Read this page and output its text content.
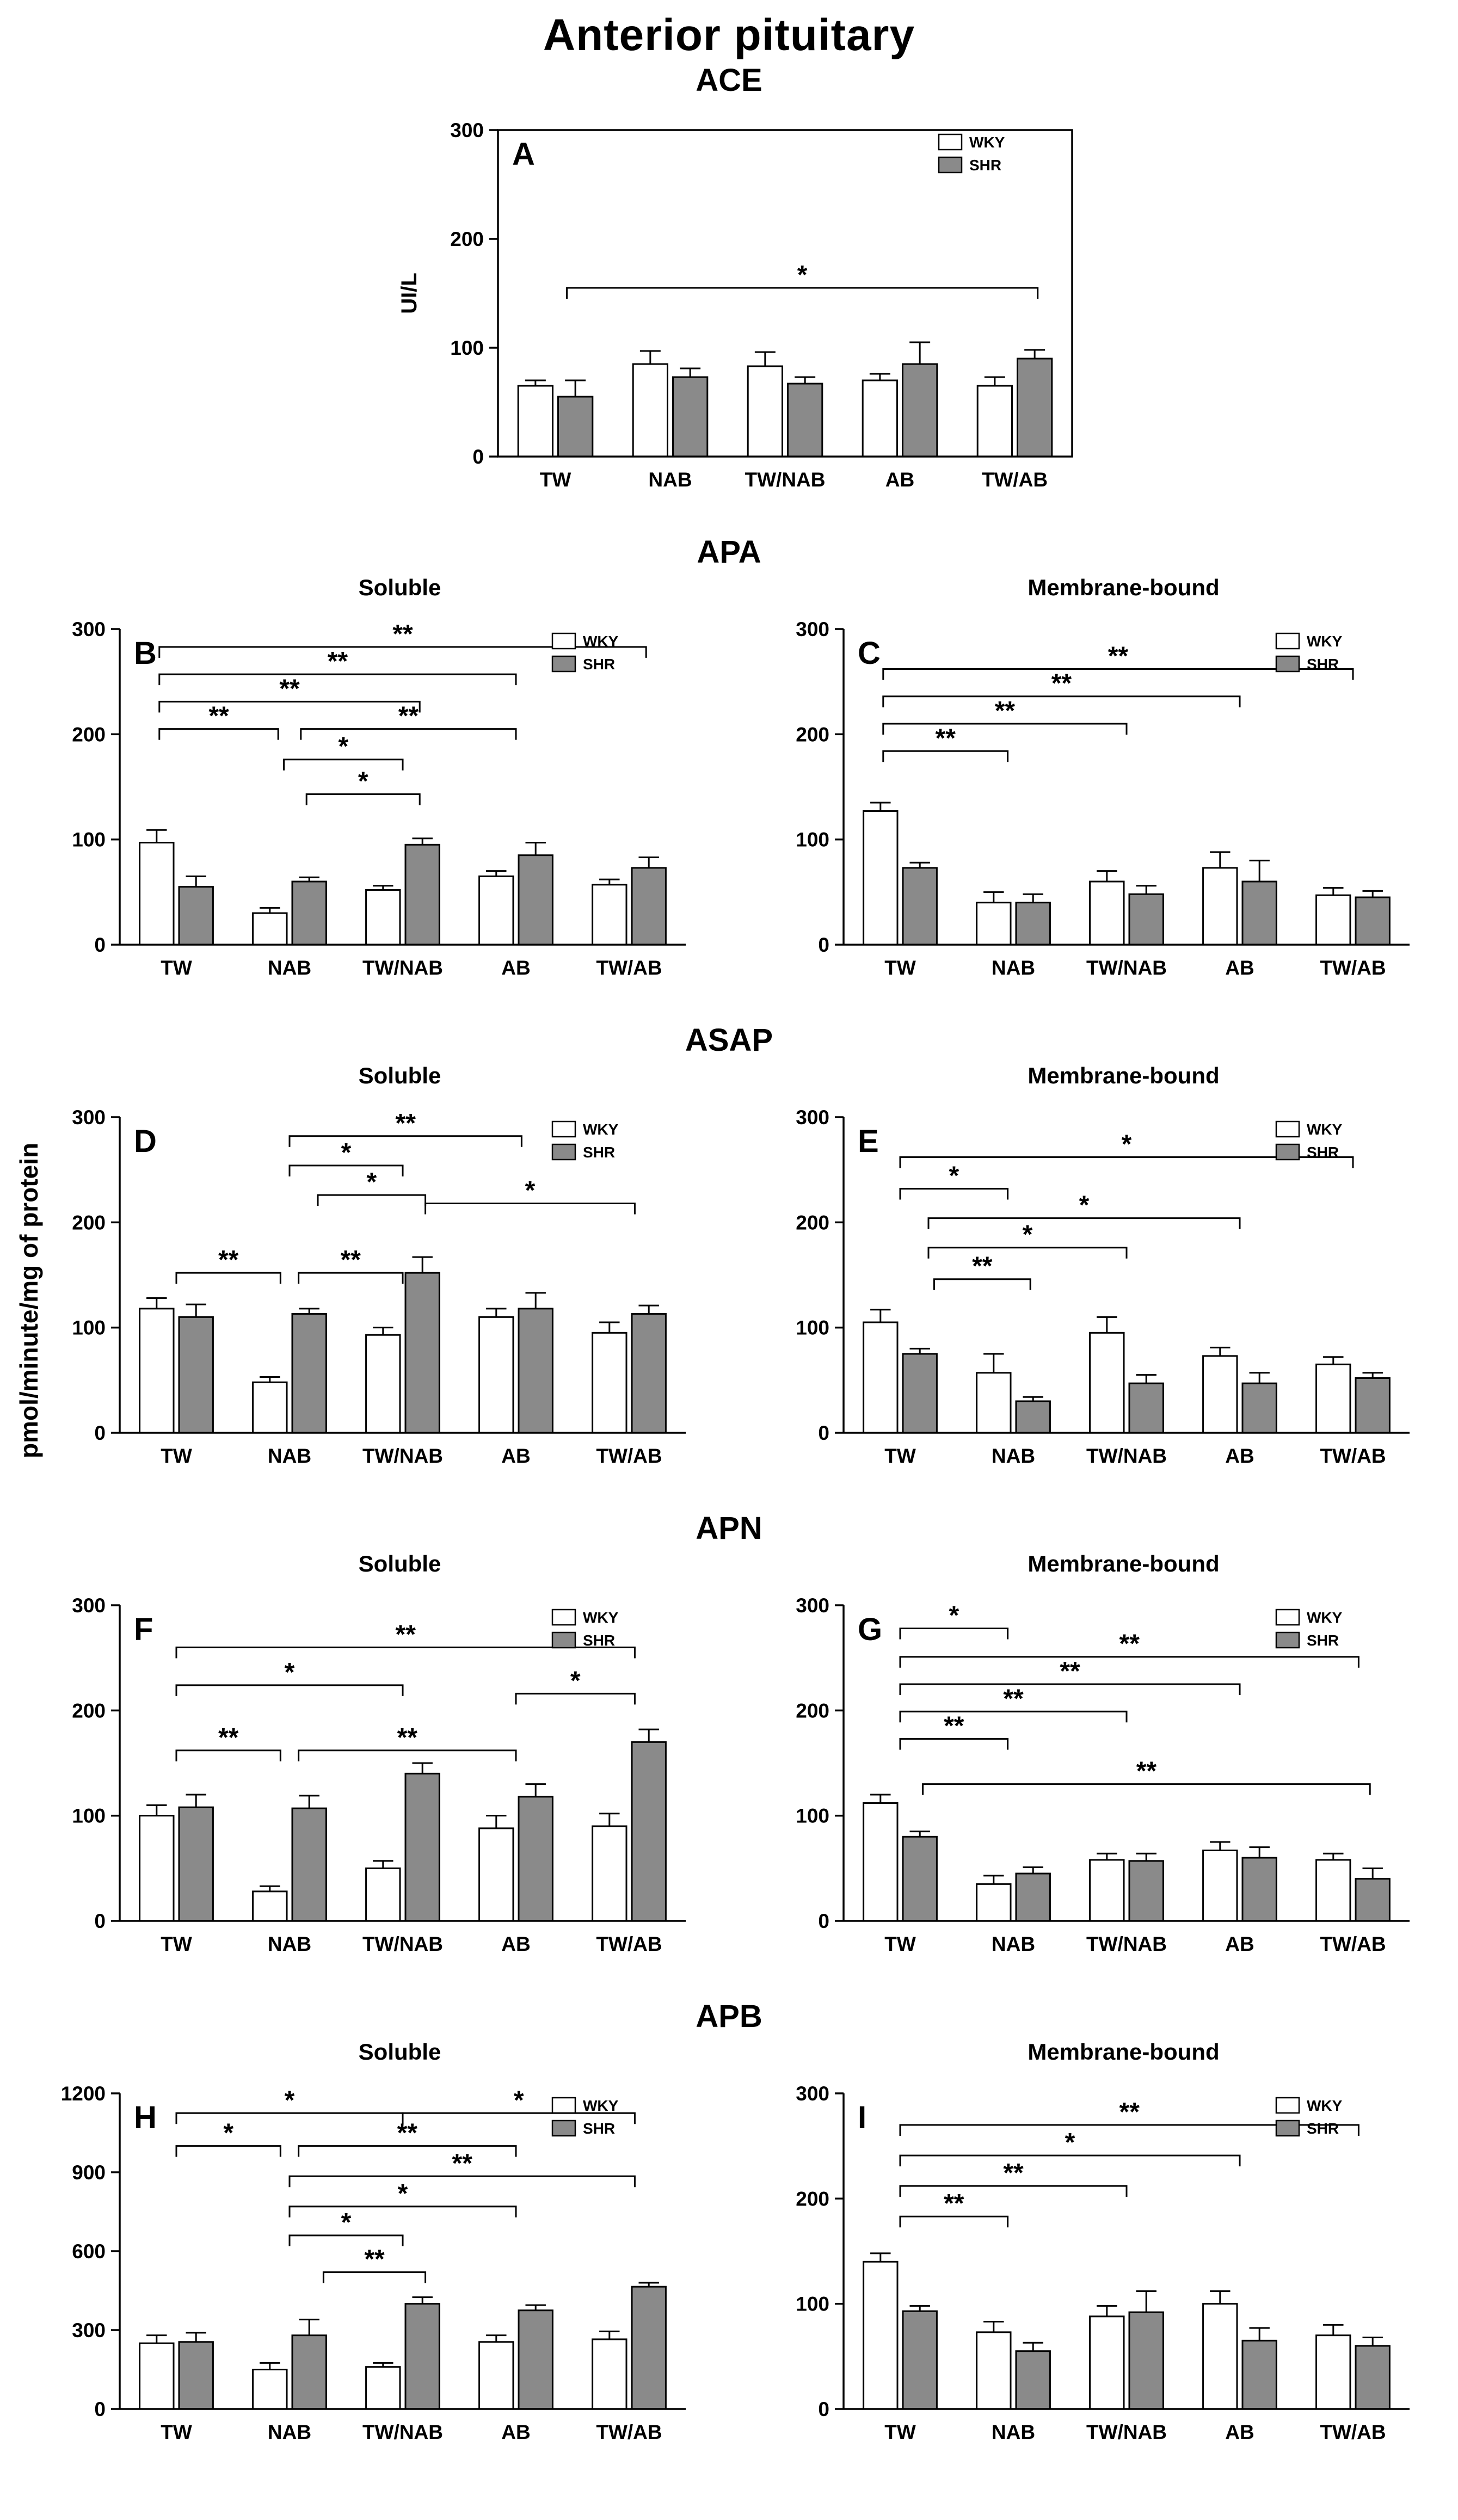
Anterior pituitary
pmol/minute/mg of protein
ACE
*
0
100
200
300
TW	NAB	TW/NAB	AB	TW/AB
A
UI/L
WKY
SHR
APA
Soluble
**
**
**
**	**
*
*
0
100
200
300
TW	NAB	TW/NAB	AB	TW/AB
B	WKY
SHR
Membrane-bound
**
**
**
**
0
100
200
300
TW	NAB	TW/NAB	AB	TW/AB
C	WKY
SHR
ASAP
Soluble
**
*
*	*
**	**
0
100
200
300
TW	NAB	TW/NAB	AB	TW/AB
D	WKY
SHR
Membrane-bound
*
*
*
*
**
0
100
200
300
TW	NAB	TW/NAB	AB	TW/AB
E	WKY
SHR
APN
Soluble
**
*	*
**	**
0
100
200
300
TW	NAB	TW/NAB	AB	TW/AB
F	WKY
SHR
Membrane-bound
*
**
**
**
**
**
0
100
200
300
TW	NAB	TW/NAB	AB	TW/AB
G	WKY
SHR
APB
Soluble
*	*
*	**
**
*
*
**
0
300
600
900
1200
TW	NAB	TW/NAB	AB	TW/AB
H	WKY
SHR
Membrane-bound
**
*
**
**
0
100
200
300
TW	NAB	TW/NAB	AB	TW/AB
I	WKY
SHR
